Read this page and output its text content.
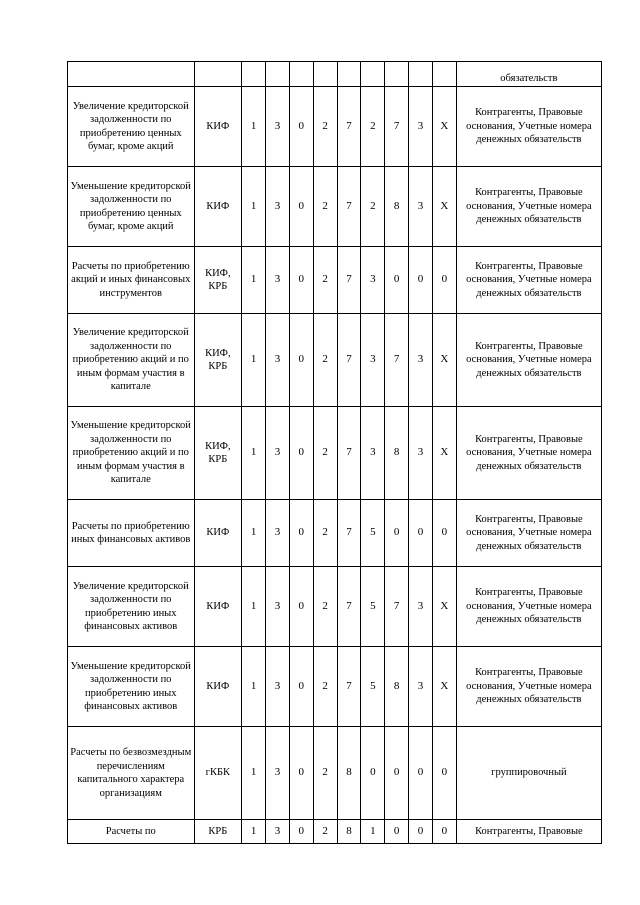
											обязательств
Увеличение кредиторской задолженности по приобретению ценных бумаг, кроме акций	КИФ	1	3	0	2	7	2	7	3	X	Контрагенты, Правовые основания, Учетные номера денежных обязательств
Уменьшение кредиторской задолженности по приобретению ценных бумаг, кроме акций	КИФ	1	3	0	2	7	2	8	3	X	Контрагенты, Правовые основания, Учетные номера денежных обязательств
Расчеты по приобретению акций и иных финансовых инструментов	КИФ, КРБ	1	3	0	2	7	3	0	0	0	Контрагенты, Правовые основания, Учетные номера денежных обязательств
Увеличение кредиторской задолженности по приобретению акций и по иным формам участия в капитале	КИФ, КРБ	1	3	0	2	7	3	7	3	X	Контрагенты, Правовые основания, Учетные номера денежных обязательств
Уменьшение кредиторской задолженности по приобретению акций и по иным формам участия в капитале	КИФ, КРБ	1	3	0	2	7	3	8	3	X	Контрагенты, Правовые основания, Учетные номера денежных обязательств
Расчеты по приобретению иных финансовых активов	КИФ	1	3	0	2	7	5	0	0	0	Контрагенты, Правовые основания, Учетные номера денежных обязательств
Увеличение кредиторской задолженности по приобретению иных финансовых активов	КИФ	1	3	0	2	7	5	7	3	X	Контрагенты, Правовые основания, Учетные номера денежных обязательств
Уменьшение кредиторской задолженности по приобретению иных финансовых активов	КИФ	1	3	0	2	7	5	8	3	X	Контрагенты, Правовые основания, Учетные номера денежных обязательств
Расчеты по безвозмездным перечислениям капитального характера организациям	гКБК	1	3	0	2	8	0	0	0	0	группировочный
Расчеты по	КРБ	1	3	0	2	8	1	0	0	0	Контрагенты, Правовые
